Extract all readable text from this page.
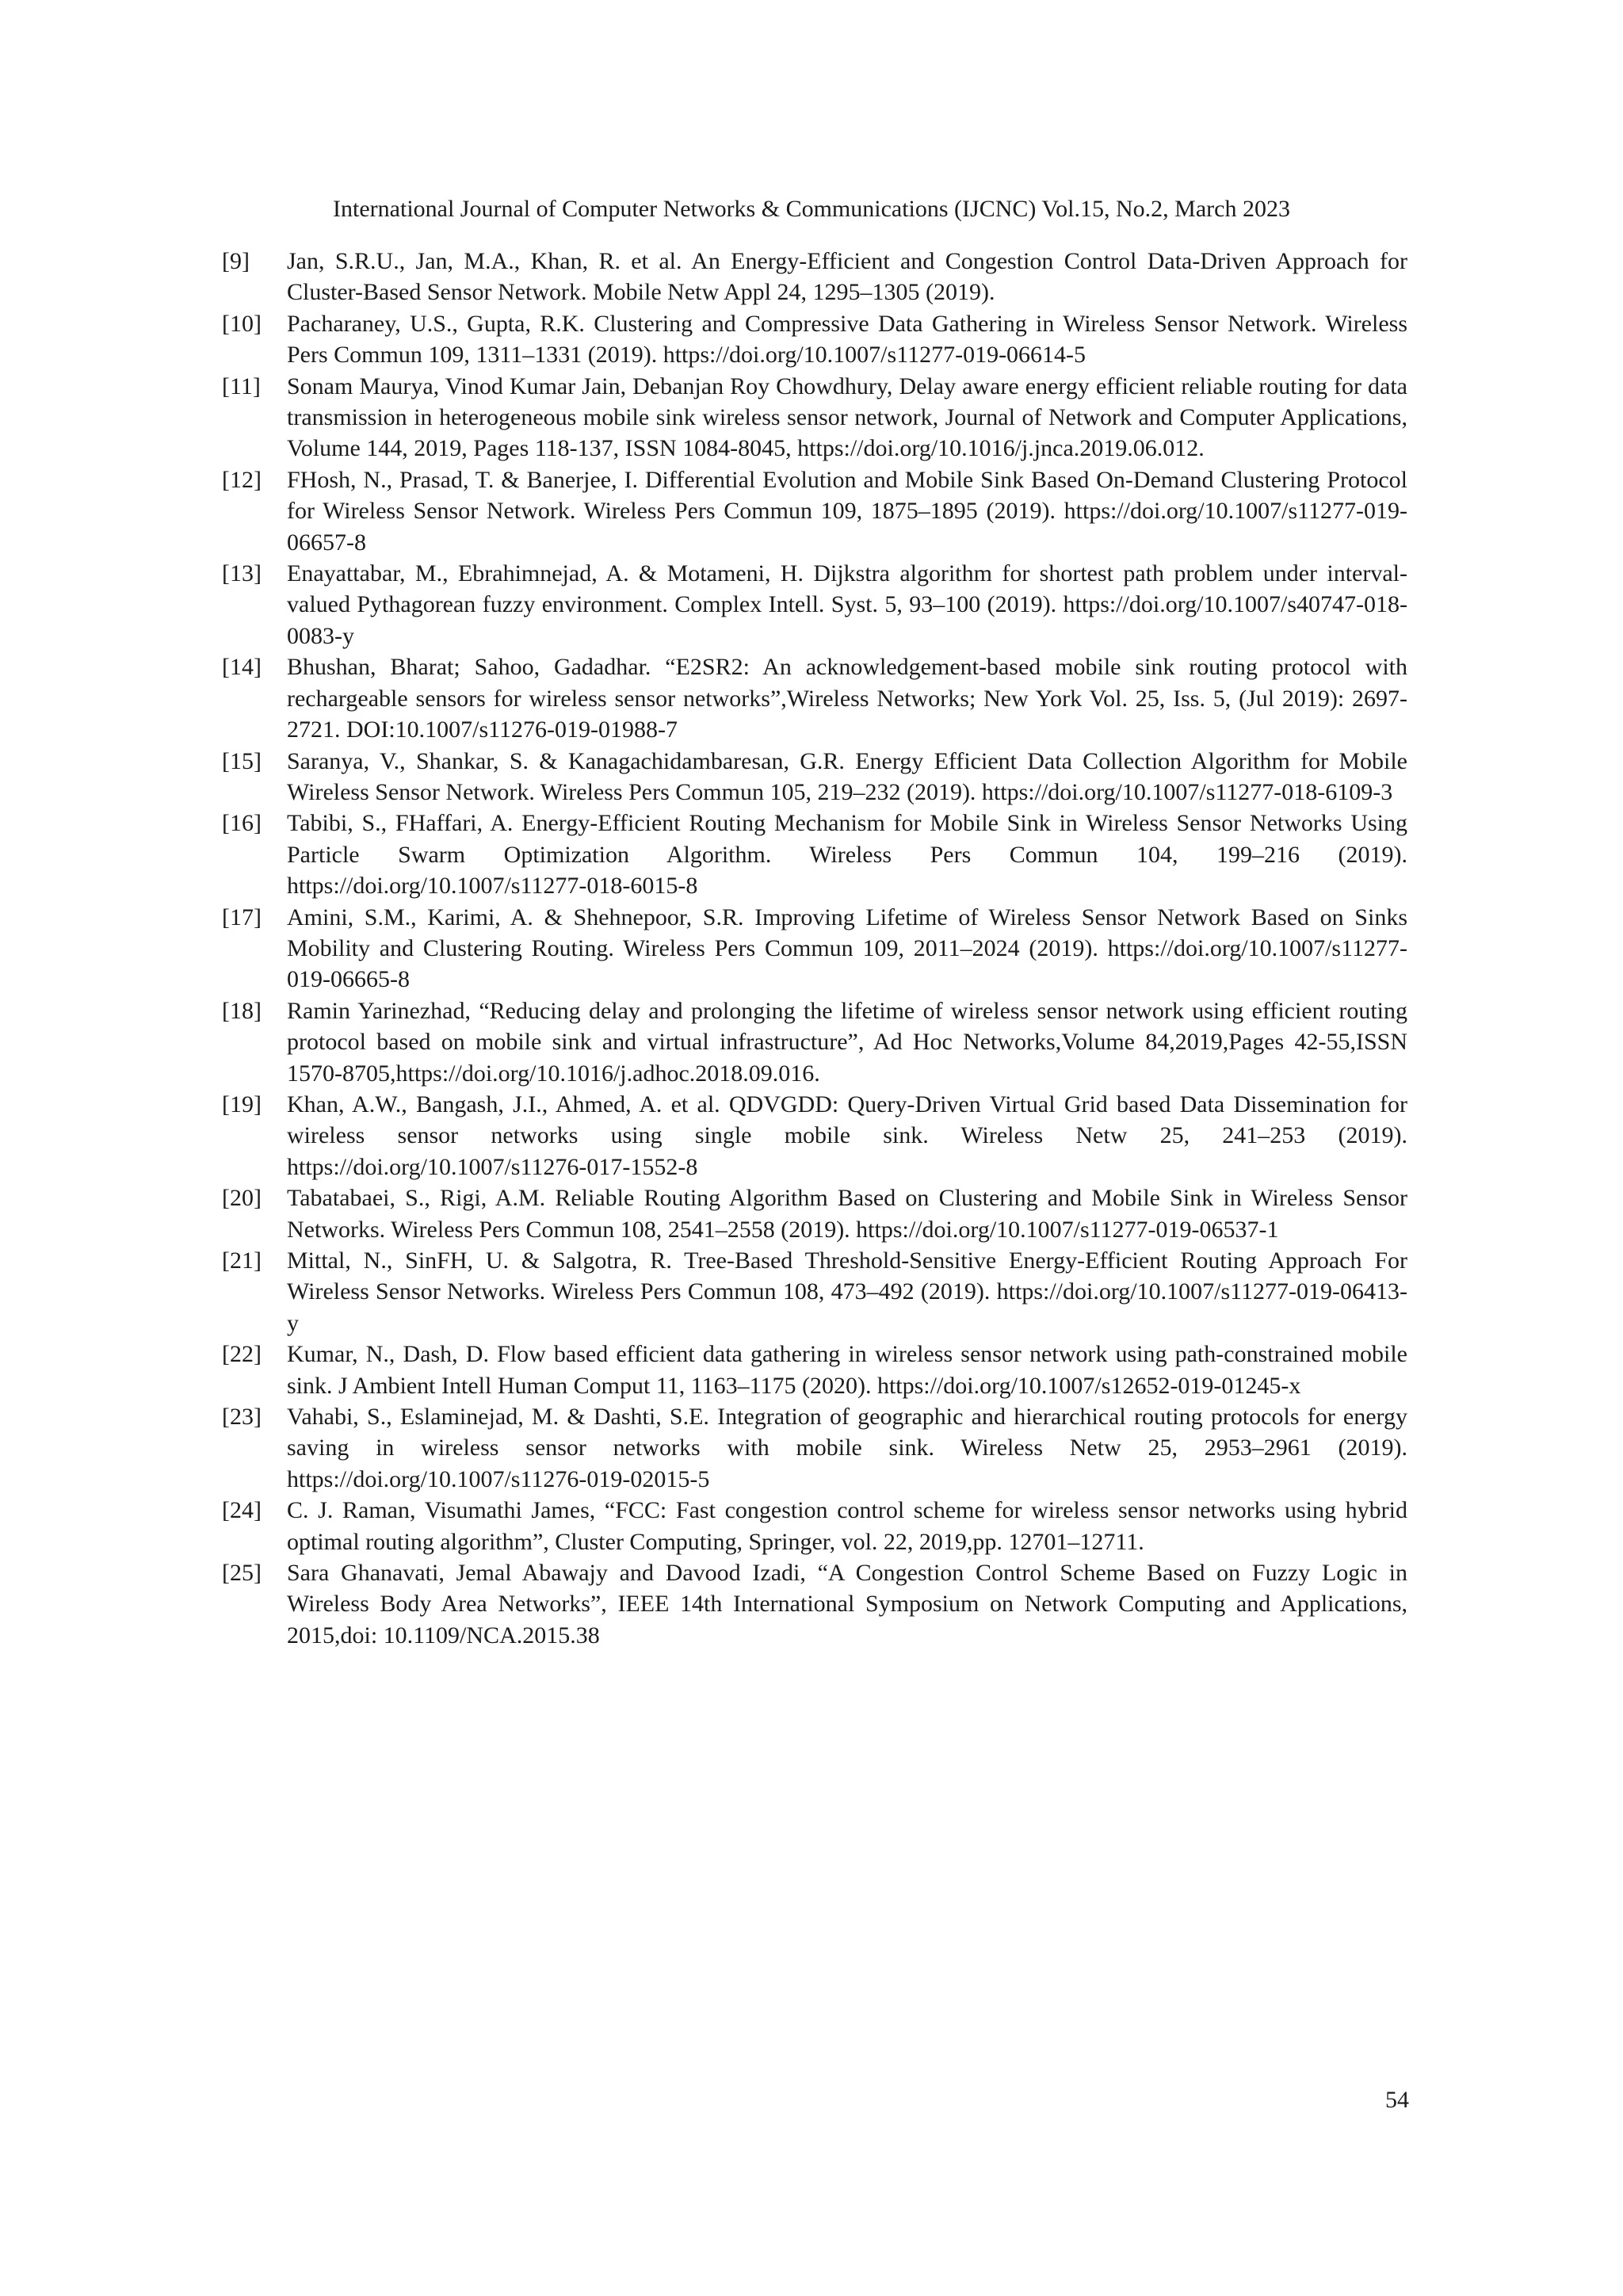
International Journal of Computer Networks & Communications (IJCNC) Vol.15, No.2, March 2023
[9] Jan, S.R.U., Jan, M.A., Khan, R. et al. An Energy-Efficient and Congestion Control Data-Driven Approach for Cluster-Based Sensor Network. Mobile Netw Appl 24, 1295–1305 (2019).
[10] Pacharaney, U.S., Gupta, R.K. Clustering and Compressive Data Gathering in Wireless Sensor Network. Wireless Pers Commun 109, 1311–1331 (2019). https://doi.org/10.1007/s11277-019-06614-5
[11] Sonam Maurya, Vinod Kumar Jain, Debanjan Roy Chowdhury, Delay aware energy efficient reliable routing for data transmission in heterogeneous mobile sink wireless sensor network, Journal of Network and Computer Applications, Volume 144, 2019, Pages 118-137, ISSN 1084-8045, https://doi.org/10.1016/j.jnca.2019.06.012.
[12] FHosh, N., Prasad, T. & Banerjee, I. Differential Evolution and Mobile Sink Based On-Demand Clustering Protocol for Wireless Sensor Network. Wireless Pers Commun 109, 1875–1895 (2019). https://doi.org/10.1007/s11277-019-06657-8
[13] Enayattabar, M., Ebrahimnejad, A. & Motameni, H. Dijkstra algorithm for shortest path problem under interval-valued Pythagorean fuzzy environment. Complex Intell. Syst. 5, 93–100 (2019). https://doi.org/10.1007/s40747-018-0083-y
[14] Bhushan, Bharat; Sahoo, Gadadhar. “E2SR2: An acknowledgement-based mobile sink routing protocol with rechargeable sensors for wireless sensor networks”,Wireless Networks; New York Vol. 25, Iss. 5, (Jul 2019): 2697-2721. DOI:10.1007/s11276-019-01988-7
[15] Saranya, V., Shankar, S. & Kanagachidambaresan, G.R. Energy Efficient Data Collection Algorithm for Mobile Wireless Sensor Network. Wireless Pers Commun 105, 219–232 (2019). https://doi.org/10.1007/s11277-018-6109-3
[16] Tabibi, S., FHaffari, A. Energy-Efficient Routing Mechanism for Mobile Sink in Wireless Sensor Networks Using Particle Swarm Optimization Algorithm. Wireless Pers Commun 104, 199–216 (2019). https://doi.org/10.1007/s11277-018-6015-8
[17] Amini, S.M., Karimi, A. & Shehnepoor, S.R. Improving Lifetime of Wireless Sensor Network Based on Sinks Mobility and Clustering Routing. Wireless Pers Commun 109, 2011–2024 (2019). https://doi.org/10.1007/s11277-019-06665-8
[18] Ramin Yarinezhad, “Reducing delay and prolonging the lifetime of wireless sensor network using efficient routing protocol based on mobile sink and virtual infrastructure”, Ad Hoc Networks,Volume 84,2019,Pages 42-55,ISSN 1570-8705,https://doi.org/10.1016/j.adhoc.2018.09.016.
[19] Khan, A.W., Bangash, J.I., Ahmed, A. et al. QDVGDD: Query-Driven Virtual Grid based Data Dissemination for wireless sensor networks using single mobile sink. Wireless Netw 25, 241–253 (2019). https://doi.org/10.1007/s11276-017-1552-8
[20] Tabatabaei, S., Rigi, A.M. Reliable Routing Algorithm Based on Clustering and Mobile Sink in Wireless Sensor Networks. Wireless Pers Commun 108, 2541–2558 (2019). https://doi.org/10.1007/s11277-019-06537-1
[21] Mittal, N., SinFH, U. & Salgotra, R. Tree-Based Threshold-Sensitive Energy-Efficient Routing Approach For Wireless Sensor Networks. Wireless Pers Commun 108, 473–492 (2019). https://doi.org/10.1007/s11277-019-06413-y
[22] Kumar, N., Dash, D. Flow based efficient data gathering in wireless sensor network using path-constrained mobile sink. J Ambient Intell Human Comput 11, 1163–1175 (2020). https://doi.org/10.1007/s12652-019-01245-x
[23] Vahabi, S., Eslaminejad, M. & Dashti, S.E. Integration of geographic and hierarchical routing protocols for energy saving in wireless sensor networks with mobile sink. Wireless Netw 25, 2953–2961 (2019). https://doi.org/10.1007/s11276-019-02015-5
[24] C. J. Raman, Visumathi James, “FCC: Fast congestion control scheme for wireless sensor networks using hybrid optimal routing algorithm”, Cluster Computing, Springer, vol. 22, 2019,pp. 12701–12711.
[25] Sara Ghanavati, Jemal Abawajy and Davood Izadi, “A Congestion Control Scheme Based on Fuzzy Logic in Wireless Body Area Networks”, IEEE 14th International Symposium on Network Computing and Applications, 2015,doi: 10.1109/NCA.2015.38
54
